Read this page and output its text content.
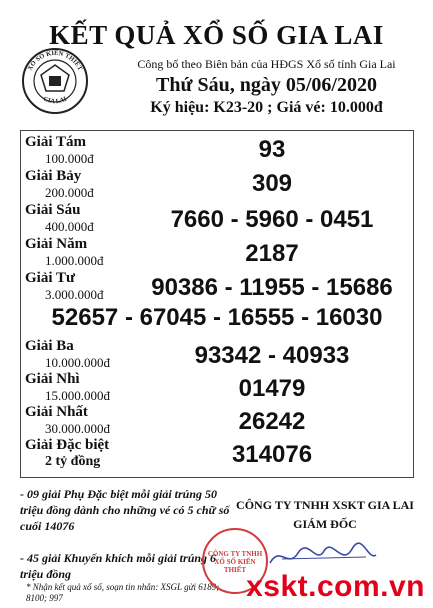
XỔ SỐ KIẾN THIẾT
GIA LAI
KẾT QUẢ XỔ SỐ GIA LAI
Công bố theo Biên bản của HĐGS Xổ số tỉnh Gia Lai
Thứ Sáu, ngày 05/06/2020
Ký hiệu: K23-20 ; Giá vé: 10.000đ
Giải Tám
100.000đ	93
Giải Bảy
200.000đ	309
Giải Sáu
400.000đ	7660 - 5960 - 0451
Giải Năm
1.000.000đ	2187
Giải Tư
3.000.000đ	90386 - 11955 - 15686
52657 - 67045 - 16555 - 16030
Giải Ba
10.000.000đ	93342 - 40933
Giải Nhì
15.000.000đ	01479
Giải Nhất
30.000.000đ	26242
Giải Đặc biệt
2 tỷ đồng	314076
- 09 giải Phụ Đặc biệt mỗi giải trúng 50 triệu đồng dành cho những vé có 5 chữ số cuối 14076
- 45 giải Khuyến khích mỗi giải trúng 6 triệu đồng
* Nhận kết quả xổ số, soạn tin nhắn: XSGL gửi 6189; 8100; 997
CÔNG TY TNHH XSKT GIA LAI
GIÁM ĐỐC
CÔNG TY TNHH XỔ SỐ KIẾN THIẾT xskt.com.vn
